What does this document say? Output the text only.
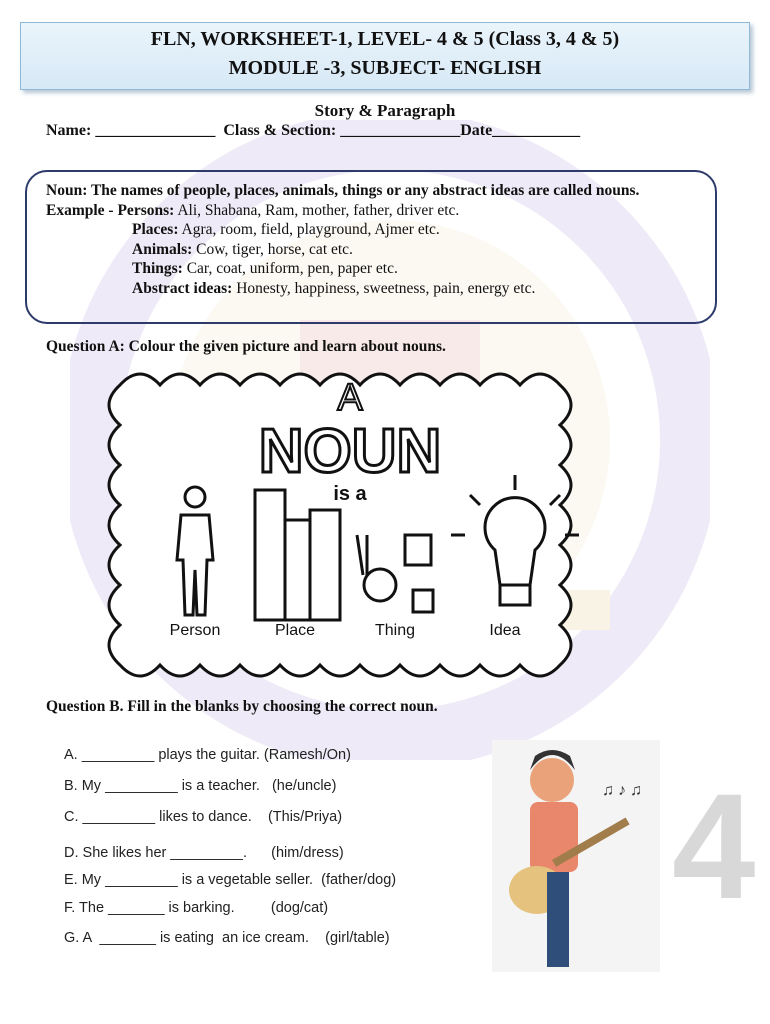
FLN, WORKSHEET-1, LEVEL- 4 & 5 (Class 3, 4 & 5)
MODULE -3, SUBJECT- ENGLISH
Story & Paragraph
Name: _______________  Class & Section: _______________Date___________
Noun: The names of people, places, animals, things or any abstract ideas are called nouns.
Example - Persons: Ali, Shabana, Ram, mother, father, driver etc.
Places: Agra, room, field, playground, Ajmer etc.
Animals: Cow, tiger, horse, cat etc.
Things: Car, coat, uniform, pen, paper etc.
Abstract ideas: Honesty, happiness, sweetness, pain, energy etc.
Question A: Colour the given picture and learn about nouns.
A
NOUN
is a
Person	Place	Thing	Idea
Question B. Fill in the blanks by choosing the correct noun.
A. _________ plays the guitar. (Ramesh/On)
B. My _________ is a teacher.   (he/uncle)
C. _________ likes to dance.    (This/Priya)
D. She likes her _________.      (him/dress)
E. My _________ is a vegetable seller.  (father/dog)
F. The _______ is barking.         (dog/cat)
G. A  _______ is eating  an ice cream.    (girl/table)
♫ ♪ ♫ 4
